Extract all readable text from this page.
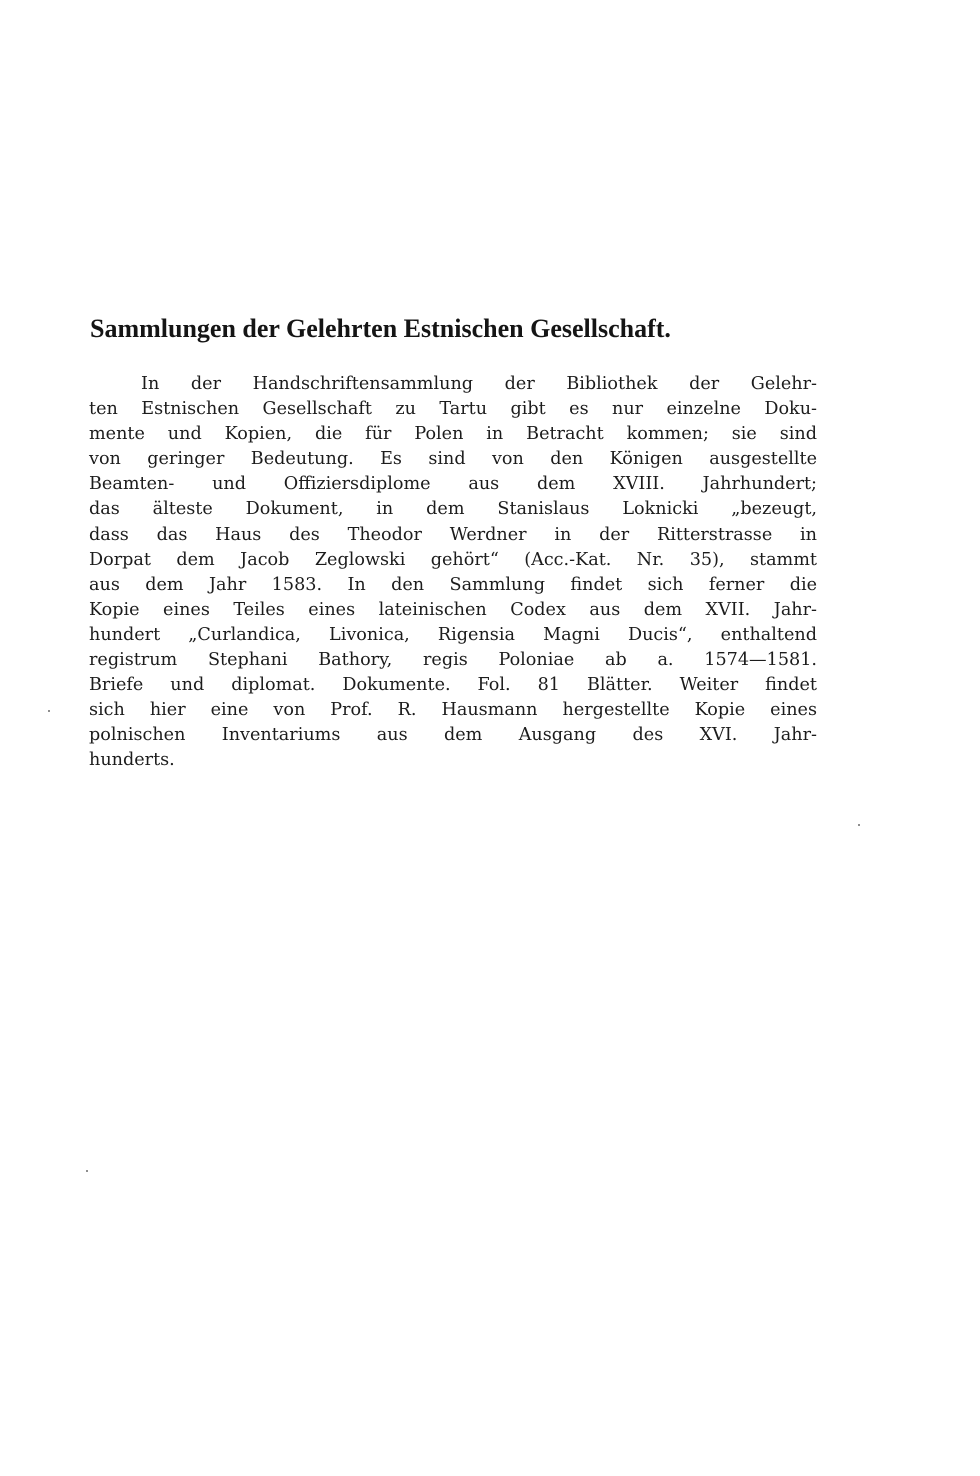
Sammlungen der Gelehrten Estnischen Gesellschaft.
In der Handschriftensammlung der Bibliothek der Gelehr-
ten Estnischen Gesellschaft zu Tartu gibt es nur einzelne Doku-
mente und Kopien, die für Polen in Betracht kommen; sie sind
von geringer Bedeutung. Es sind von den Königen ausgestellte
Beamten- und Offiziersdiplome aus dem XVIII. Jahrhundert;
das älteste Dokument, in dem Stanislaus Loknicki „bezeugt,
dass das Haus des Theodor Werdner in der Ritterstrasse in
Dorpat dem Jacob Zeglowski gehört“ (Acc.-Kat. Nr. 35), stammt
aus dem Jahr 1583. In den Sammlung findet sich ferner die
Kopie eines Teiles eines lateinischen Codex aus dem XVII. Jahr-
hundert „Curlandica, Livonica, Rigensia Magni Ducis“, enthaltend
registrum Stephani Bathory, regis Poloniae ab a. 1574—1581.
Briefe und diplomat. Dokumente. Fol. 81 Blätter. Weiter findet
sich hier eine von Prof. R. Hausmann hergestellte Kopie eines
polnischen Inventariums aus dem Ausgang des XVI. Jahr-
hunderts.
